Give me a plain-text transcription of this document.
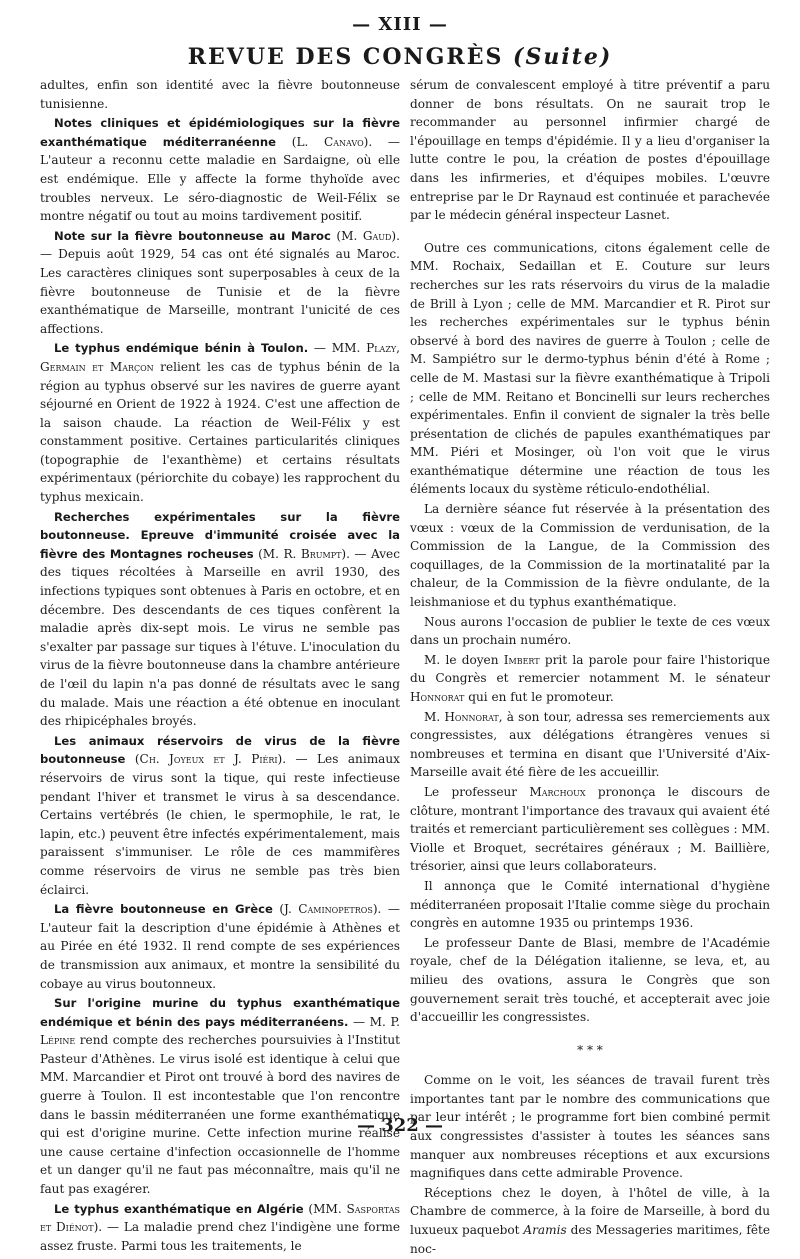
— XIII —
REVUE DES CONGRÈS (Suite)

adultes, enfin son identité avec la fièvre boutonneuse tunisienne.

Notes cliniques et épidémiologiques sur la fièvre exanthématique méditerranéenne (L. Canavo). — L'auteur a reconnu cette maladie en Sardaigne, où elle est endémique. Elle y affecte la forme thyhoïde avec troubles nerveux. Le séro-diagnostic de Weil-Félix se montre négatif ou tout au moins tardivement positif.

Note sur la fièvre boutonneuse au Maroc (M. Gaud). — Depuis août 1929, 54 cas ont été signalés au Maroc. Les caractères cliniques sont superposables à ceux de la fièvre boutonneuse de Tunisie et de la fièvre exanthématique de Marseille, montrant l'unicité de ces affections.

Le typhus endémique bénin à Toulon. — MM. Plazy, Germain et Marçon relient les cas de typhus bénin de la région au typhus observé sur les navires de guerre ayant séjourné en Orient de 1922 à 1924. C'est une affection de la saison chaude. La réaction de Weil-Félix y est constamment positive. Certaines particularités cliniques (topographie de l'exanthème) et certains résultats expérimentaux (périorchite du cobaye) les rapprochent du typhus mexicain.

Recherches expérimentales sur la fièvre boutonneuse. Epreuve d'immunité croisée avec la fièvre des Montagnes rocheuses (M. R. Brumpt). — Avec des tiques récoltées à Marseille en avril 1930, des infections typiques sont obtenues à Paris en octobre, et en décembre. Des descendants de ces tiques confèrent la maladie après dix-sept mois. Le virus ne semble pas s'exalter par passage sur tiques à l'étuve. L'inoculation du virus de la fièvre boutonneuse dans la chambre antérieure de l'œil du lapin n'a pas donné de résultats avec le sang du malade. Mais une réaction a été obtenue en inoculant des rhipicéphales broyés.

Les animaux réservoirs de virus de la fièvre boutonneuse (Ch. Joyeux et J. Piéri). — Les animaux réservoirs de virus sont la tique, qui reste infectieuse pendant l'hiver et transmet le virus à sa descendance. Certains vertébrés (le chien, le spermophile, le rat, le lapin, etc.) peuvent être infectés expérimentalement, mais paraissent s'immuniser. Le rôle de ces mammifères comme réservoirs de virus ne semble pas très bien éclairci.

La fièvre boutonneuse en Grèce (J. Caminopetros). — L'auteur fait la description d'une épidémie à Athènes et au Pirée en été 1932. Il rend compte de ses expériences de transmission aux animaux, et montre la sensibilité du cobaye au virus boutonneux.

Sur l'origine murine du typhus exanthématique endémique et bénin des pays méditerranéens. — M. P. Lépine rend compte des recherches poursuivies à l'Institut Pasteur d'Athènes. Le virus isolé est identique à celui que MM. Marcandier et Pirot ont trouvé à bord des navires de guerre à Toulon. Il est incontestable que l'on rencontre dans le bassin méditerranéen une forme exanthématique qui est d'origine murine. Cette infection murine réalise une cause certaine d'infection occasionnelle de l'homme et un danger qu'il ne faut pas méconnaître, mais qu'il ne faut pas exagérer.

Le typhus exanthématique en Algérie (MM. Sasportas et Diénot). — La maladie prend chez l'indigène une forme assez fruste. Parmi tous les traitements, le

sérum de convalescent employé à titre préventif a paru donner de bons résultats. On ne saurait trop le recommander au personnel infirmier chargé de l'épouillage en temps d'épidémie. Il y a lieu d'organiser la lutte contre le pou, la création de postes d'épouillage dans les infirmeries, et d'équipes mobiles. L'œuvre entreprise par le Dr Raynaud est continuée et parachevée par le médecin général inspecteur Lasnet.

Outre ces communications, citons également celle de MM. Rochaix, Sedaillan et E. Couture sur leurs recherches sur les rats réservoirs du virus de la maladie de Brill à Lyon ; celle de MM. Marcandier et R. Pirot sur les recherches expérimentales sur le typhus bénin observé à bord des navires de guerre à Toulon ; celle de M. Sampiétro sur le dermo-typhus bénin d'été à Rome ; celle de M. Mastasi sur la fièvre exanthématique à Tripoli ; celle de MM. Reitano et Boncinelli sur leurs recherches expérimentales. Enfin il convient de signaler la très belle présentation de clichés de papules exanthématiques par MM. Piéri et Mosinger, où l'on voit que le virus exanthématique détermine une réaction de tous les éléments locaux du système réticulo-endothélial.

La dernière séance fut réservée à la présentation des vœux : vœux de la Commission de verdunisation, de la Commission de la Langue, de la Commission des coquillages, de la Commission de la mortinatalité par la chaleur, de la Commission de la fièvre ondulante, de la leishmaniose et du typhus exanthématique.

Nous aurons l'occasion de publier le texte de ces vœux dans un prochain numéro.

M. le doyen Imbert prit la parole pour faire l'historique du Congrès et remercier notamment M. le sénateur Honnorat qui en fut le promoteur.

M. Honnorat, à son tour, adressa ses remerciements aux congressistes, aux délégations étrangères venues si nombreuses et termina en disant que l'Université d'Aix-Marseille avait été fière de les accueillir.

Le professeur Marchoux prononça le discours de clôture, montrant l'importance des travaux qui avaient été traités et remerciant particulièrement ses collègues : MM. Violle et Broquet, secrétaires généraux ; M. Baillière, trésorier, ainsi que leurs collaborateurs.

Il annonça que le Comité international d'hygiène méditerranéen proposait l'Italie comme siège du prochain congrès en automne 1935 ou printemps 1936.

Le professeur Dante de Blasi, membre de l'Académie royale, chef de la Délégation italienne, se leva, et, au milieu des ovations, assura le Congrès que son gouvernement serait très touché, et accepterait avec joie d'accueillir les congressistes.

* * *

Comme on le voit, les séances de travail furent très importantes tant par le nombre des communications que par leur intérêt ; le programme fort bien combiné permit aux congressistes d'assister à toutes les séances sans manquer aux nombreuses réceptions et aux excursions magnifiques dans cette admirable Provence.

Réceptions chez le doyen, à l'hôtel de ville, à la Chambre de commerce, à la foire de Marseille, à bord du luxueux paquebot Aramis des Messageries maritimes, fête noc-

— 322 —
